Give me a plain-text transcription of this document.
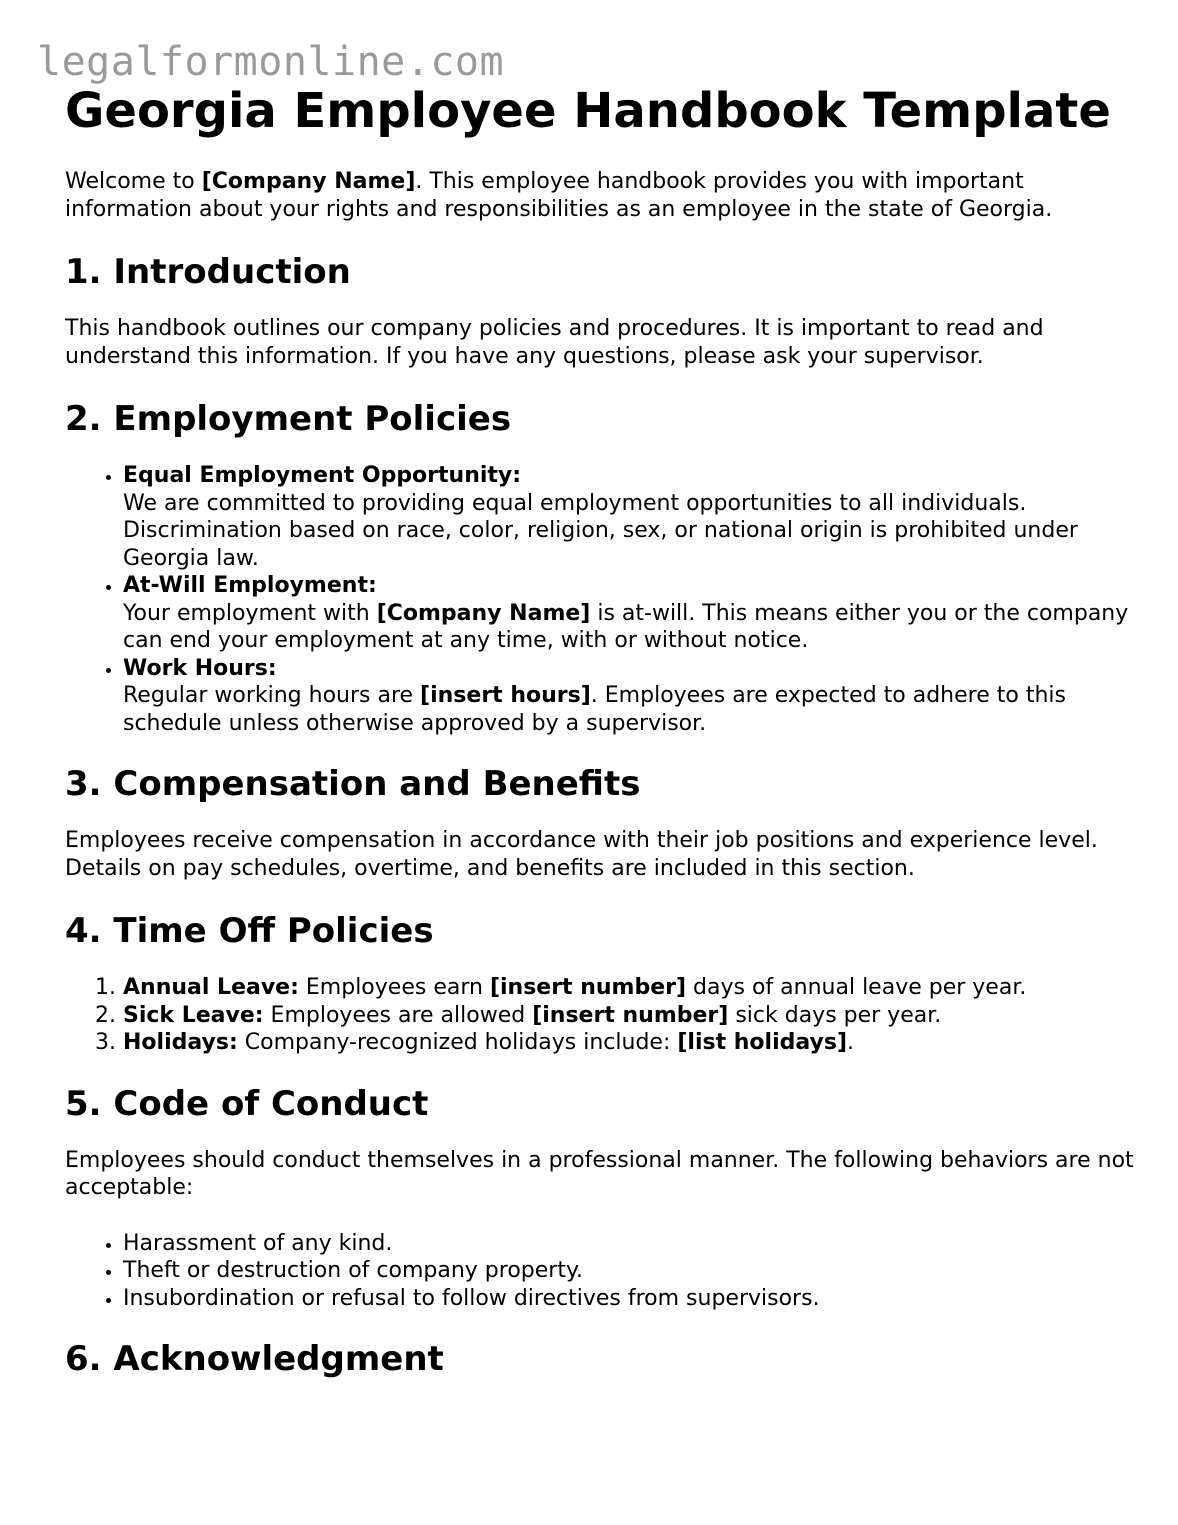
legalformonline.com
Georgia Employee Handbook Template

Welcome to [Company Name]. This employee handbook provides you with important information about your rights and responsibilities as an employee in the state of Georgia.

1. Introduction

This handbook outlines our company policies and procedures. It is important to read and understand this information. If you have any questions, please ask your supervisor.

2. Employment Policies
• Equal Employment Opportunity:
We are committed to providing equal employment opportunities to all individuals. Discrimination based on race, color, religion, sex, or national origin is prohibited under Georgia law.
• At-Will Employment:
Your employment with [Company Name] is at-will. This means either you or the company can end your employment at any time, with or without notice.
• Work Hours:
Regular working hours are [insert hours]. Employees are expected to adhere to this schedule unless otherwise approved by a supervisor.
3. Compensation and Benefits

Employees receive compensation in accordance with their job positions and experience level. Details on pay schedules, overtime, and benefits are included in this section.

4. Time Off Policies
1. Annual Leave: Employees earn [insert number] days of annual leave per year.
2. Sick Leave: Employees are allowed [insert number] sick days per year.
3. Holidays: Company-recognized holidays include: [list holidays].
5. Code of Conduct

Employees should conduct themselves in a professional manner. The following behaviors are not acceptable:

• Harassment of any kind.
• Theft or destruction of company property.
• Insubordination or refusal to follow directives from supervisors.
6. Acknowledgment
